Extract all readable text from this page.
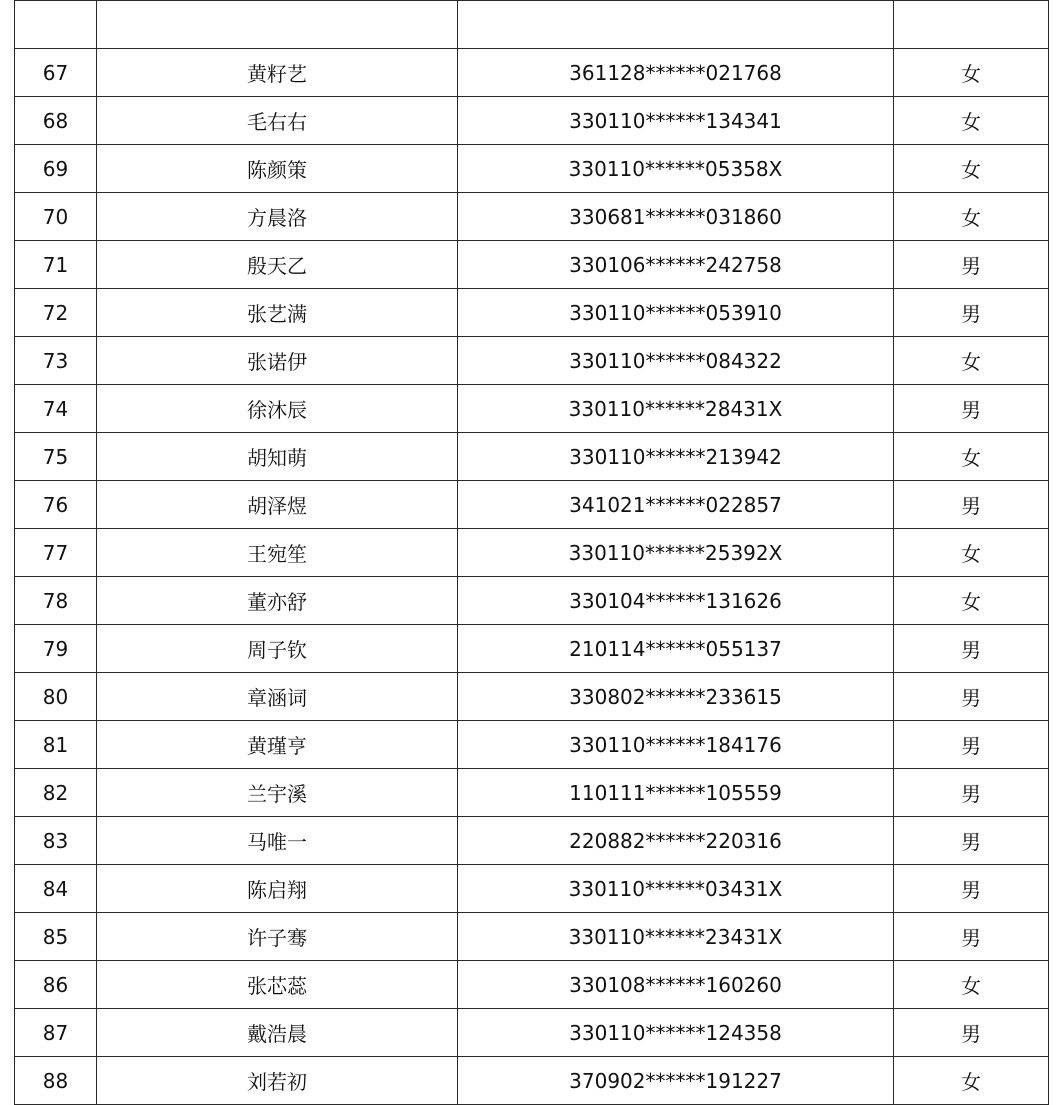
67	黄籽艺	361128******021768	女
68	毛右右	330110******134341	女
69	陈颜策	330110******05358X	女
70	方晨洛	330681******031860	女
71	殷天乙	330106******242758	男
72	张艺满	330110******053910	男
73	张诺伊	330110******084322	女
74	徐沐辰	330110******28431X	男
75	胡知萌	330110******213942	女
76	胡泽煜	341021******022857	男
77	王宛笙	330110******25392X	女
78	董亦舒	330104******131626	女
79	周子钦	210114******055137	男
80	章涵词	330802******233615	男
81	黄瑾亨	330110******184176	男
82	兰宇溪	110111******105559	男
83	马唯一	220882******220316	男
84	陈启翔	330110******03431X	男
85	许子骞	330110******23431X	男
86	张芯蕊	330108******160260	女
87	戴浩晨	330110******124358	男
88	刘若初	370902******191227	女
